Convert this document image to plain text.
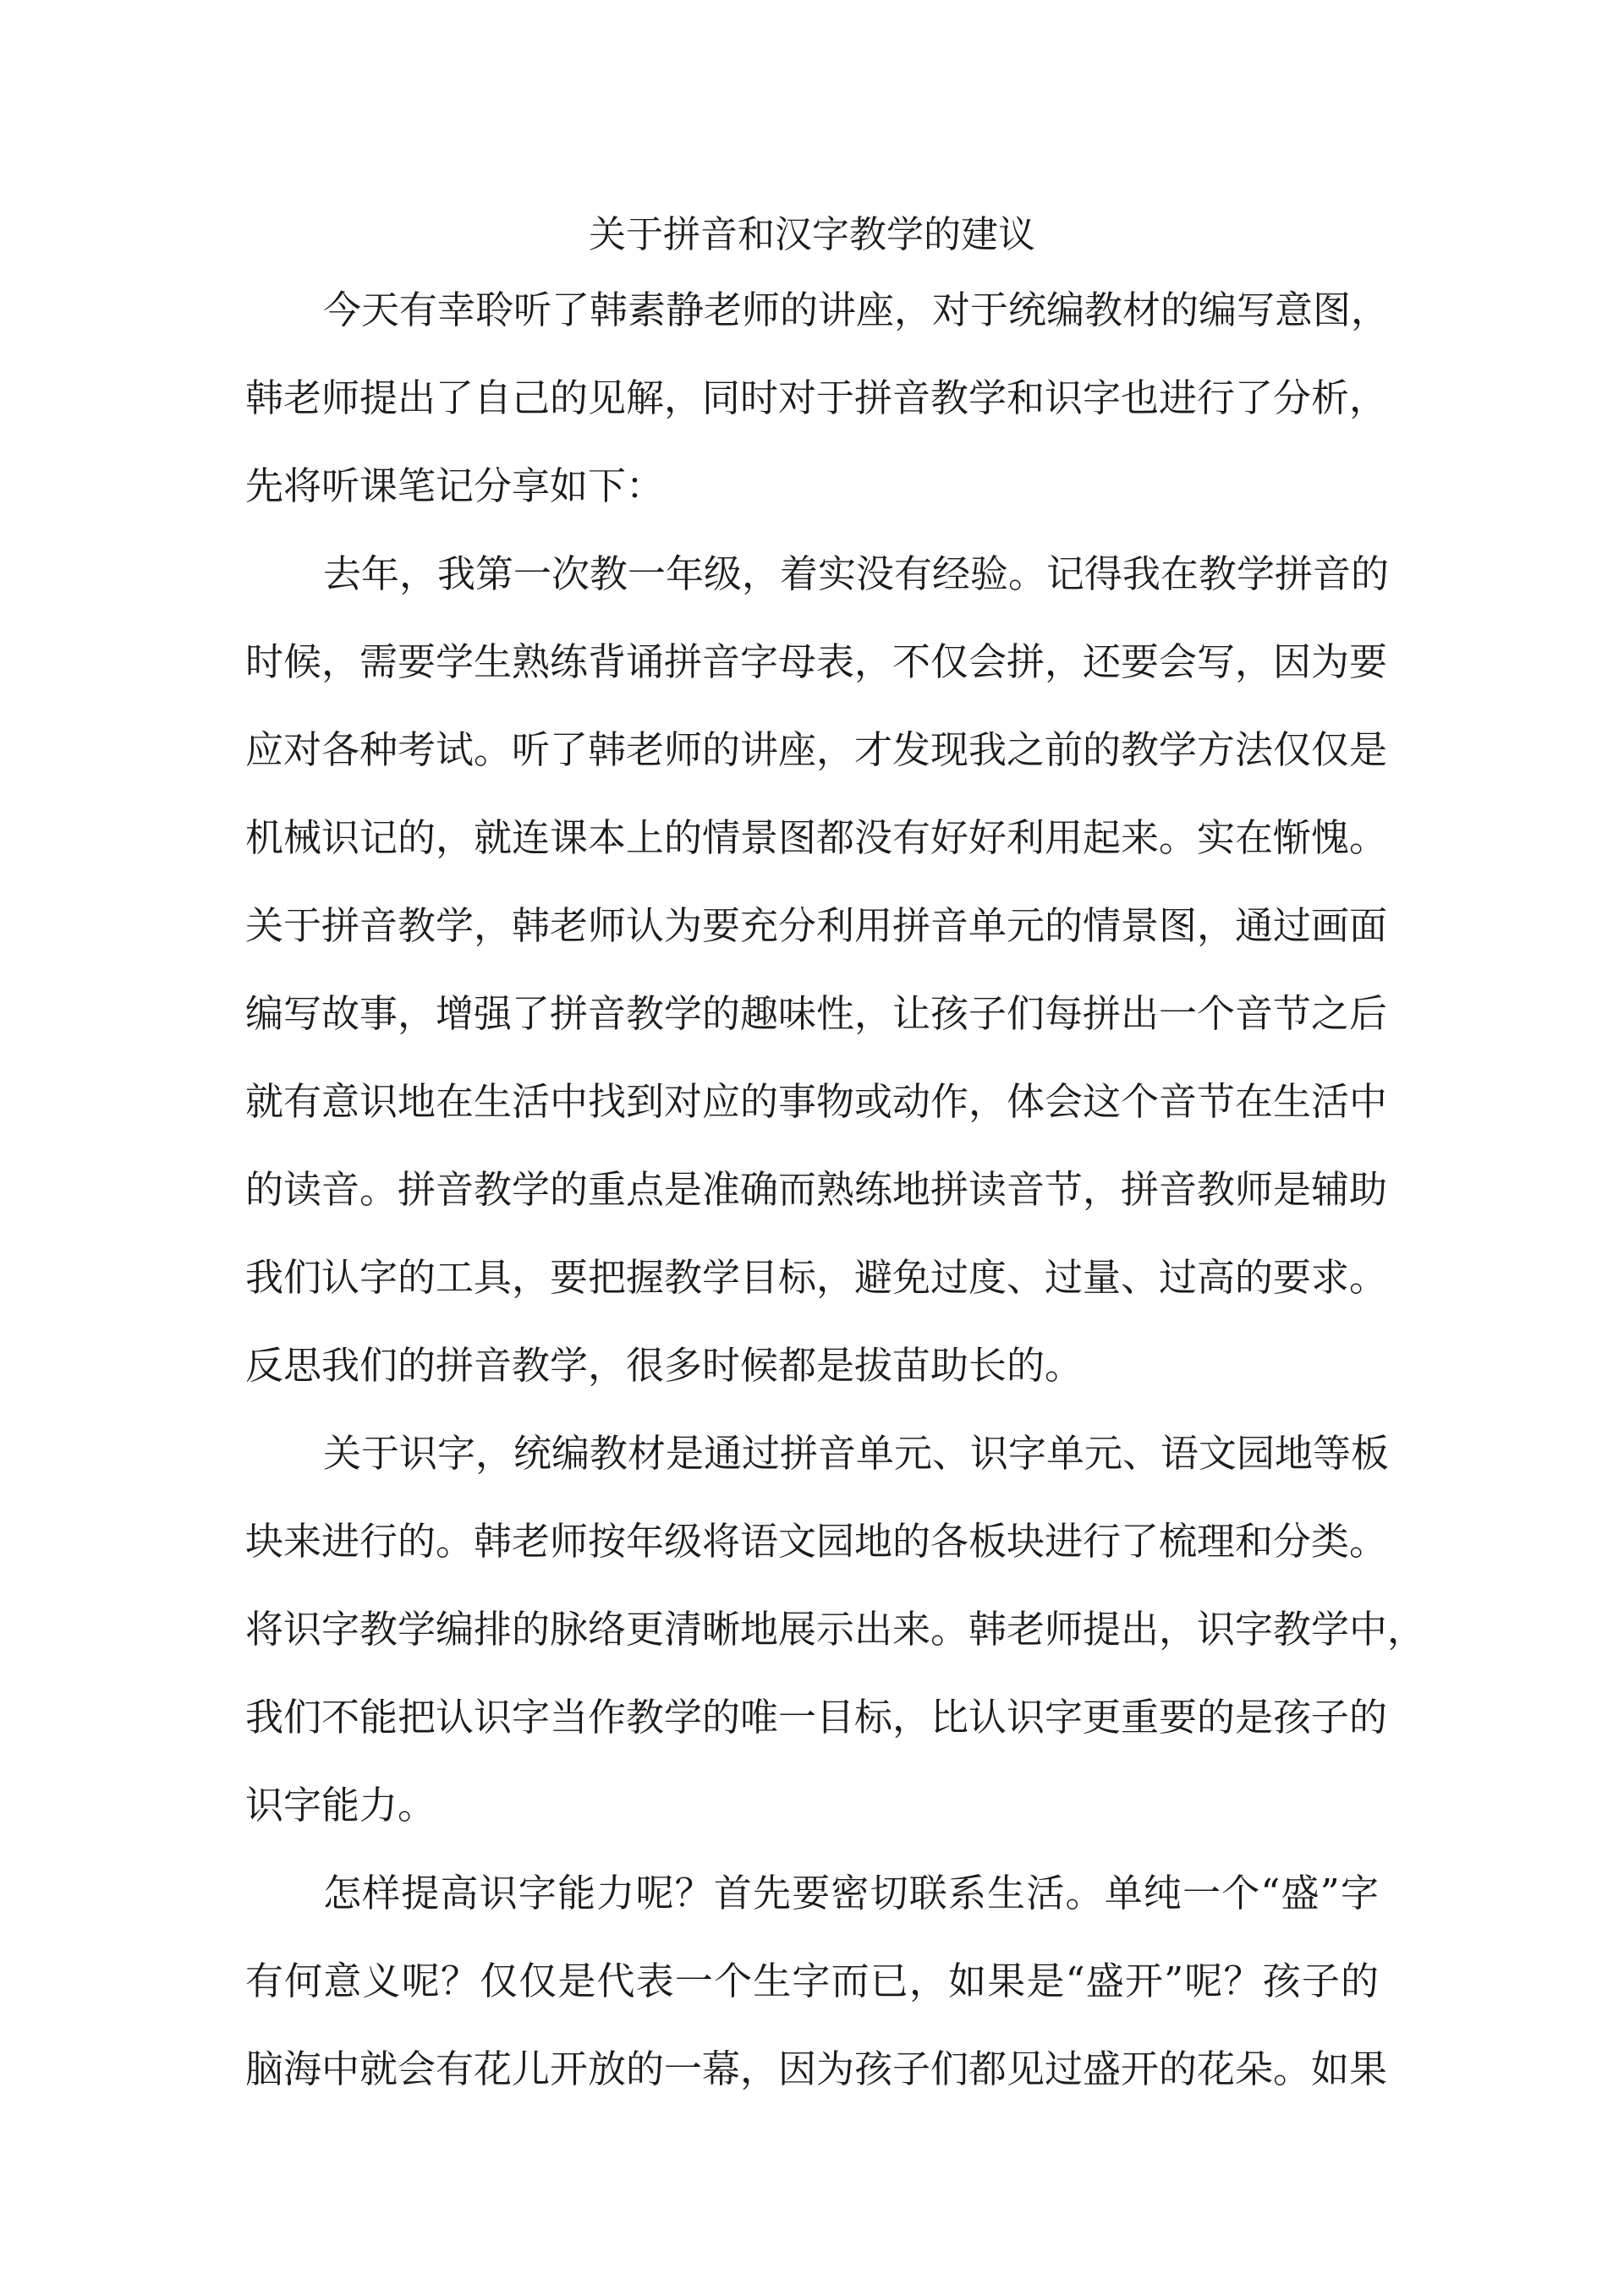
关于拼音和汉字教学的建议

今天有幸聆听了韩素静老师的讲座，对于统编教材的编写意图，
韩老师提出了自己的见解，同时对于拼音教学和识字也进行了分析，
先将听课笔记分享如下：

去年，我第一次教一年级，着实没有经验。记得我在教学拼音的
时候，需要学生熟练背诵拼音字母表，不仅会拼，还要会写，因为要
应对各种考试。听了韩老师的讲座，才发现我之前的教学方法仅仅是
机械识记的，就连课本上的情景图都没有好好利用起来。实在惭愧。
关于拼音教学，韩老师认为要充分利用拼音单元的情景图，通过画面
编写故事，增强了拼音教学的趣味性，让孩子们每拼出一个音节之后
就有意识地在生活中找到对应的事物或动作，体会这个音节在生活中
的读音。拼音教学的重点是准确而熟练地拼读音节，拼音教师是辅助
我们认字的工具，要把握教学目标，避免过度、过量、过高的要求。
反思我们的拼音教学，很多时候都是拔苗助长的。

关于识字，统编教材是通过拼音单元、识字单元、语文园地等板
块来进行的。韩老师按年级将语文园地的各板块进行了梳理和分类。
将识字教学编排的脉络更清晰地展示出来。韩老师提出，识字教学中，
我们不能把认识字当作教学的唯一目标，比认识字更重要的是孩子的
识字能力。

怎样提高识字能力呢？首先要密切联系生活。单纯一个“盛”字
有何意义呢？仅仅是代表一个生字而已，如果是“盛开”呢？孩子的
脑海中就会有花儿开放的一幕，因为孩子们都见过盛开的花朵。如果
